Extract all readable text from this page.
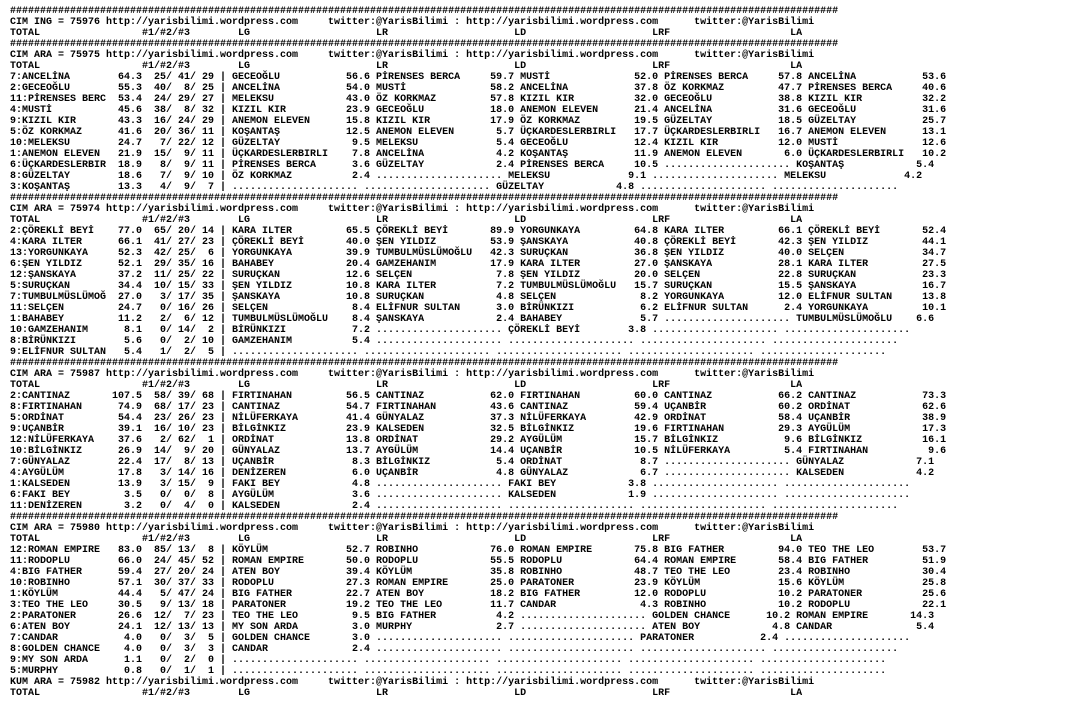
##########################################################################################################################################
CIM ING = 75976 http://yarisbilimi.wordpress.com     twitter:@YarisBilimi : http://yarisbilimi.wordpress.com      twitter:@YarisBilimi
TOTAL                 #1/#2/#3        LG                     LR                     LD                     LRF                    LA
##########################################################################################################################################
CIM ARA = 75975 http://yarisbilimi.wordpress.com     twitter:@YarisBilimi : http://yarisbilimi.wordpress.com      twitter:@YarisBilimi
TOTAL                 #1/#2/#3        LG                     LR                     LD                     LRF                    LA
7:ANCELİNA        64.3  25/ 41/ 29 | GECEOĞLU           56.6 PİRENSES BERCA     59.7 MUSTİ              52.0 PİRENSES BERCA     57.8 ANCELİNA           53.6
2:GECEOĞLU        55.3  40/  8/ 25 | ANCELİNA           54.0 MUSTİ              58.2 ANCELİNA           37.8 ÖZ KORKMAZ         47.7 PİRENSES BERCA     40.6
11:PİRENSES BERC  53.4  24/ 29/ 27 | MELEKSU            43.0 ÖZ KORKMAZ         57.8 KIZIL KIR          32.0 GECEOĞLU           38.8 KIZIL KIR          32.2
4:MUSTİ           45.6  38/  8/ 32 | KIZIL KIR          23.9 GECEOĞLU           18.0 ANEMON ELEVEN      21.4 ANCELİNA           31.6 GECEOĞLU           31.6
9:KIZIL KIR       43.3  16/ 24/ 29 | ANEMON ELEVEN      15.8 KIZIL KIR          17.9 ÖZ KORKMAZ         19.5 GÜZELTAY           18.5 GÜZELTAY           25.7
5:ÖZ KORKMAZ      41.6  20/ 36/ 11 | KOŞANTAŞ           12.5 ANEMON ELEVEN       5.7 ÜÇKARDESLERBIRLI   17.7 ÜÇKARDESLERBIRLI   16.7 ANEMON ELEVEN      13.1
10:MELEKSU        24.7   7/ 22/ 12 | GÜZELTAY            9.5 MELEKSU             5.4 GECEOĞLU           12.4 KIZIL KIR          12.0 MUSTİ              12.6
1:ANEMON ELEVEN   21.9  15/  9/ 11 | ÜÇKARDESLERBIRLI    7.8 ANCELİNA            4.2 KOŞANTAŞ           11.9 ANEMON ELEVEN       6.0 ÜÇKARDESLERBIRLI   10.2
6:ÜÇKARDESLERBIR  18.9   8/  9/ 11 | PİRENSES BERCA      3.6 GÜZELTAY            2.4 PİRENSES BERCA     10.5 ..................... KOŞANTAŞ            5.4
8:GÜZELTAY        18.6   7/  9/ 10 | ÖZ KORKMAZ          2.4 ..................... MELEKSU             9.1 ..................... MELEKSU             4.2
3:KOŞANTAŞ        13.3   4/  9/  7 | ..................... ..................... GÜZELTAY            4.8 ..................... .....................
##########################################################################################################################################
CIM ARA = 75974 http://yarisbilimi.wordpress.com     twitter:@YarisBilimi : http://yarisbilimi.wordpress.com      twitter:@YarisBilimi
TOTAL                 #1/#2/#3        LG                     LR                     LD                     LRF                    LA
2:ÇÖREKLİ BEYİ    77.0  65/ 20/ 14 | KARA ILTER         65.5 ÇÖREKLİ BEYİ       89.9 YORGUNKAYA         64.8 KARA ILTER         66.1 ÇÖREKLİ BEYİ       52.4
4:KARA ILTER      66.1  41/ 27/ 23 | ÇÖREKLİ BEYİ       40.0 ŞEN YILDIZ         53.9 ŞANSKAYA           40.8 ÇÖREKLİ BEYİ       42.3 ŞEN YILDIZ         44.1
13:YORGUNKAYA     52.3  42/ 25/  6 | YORGUNKAYA         39.9 TUMBULMÜSLÜMOĞLU   42.3 SURUÇKAN           36.8 ŞEN YILDIZ         40.0 SELÇEN             34.7
6:ŞEN YILDIZ      52.1  29/ 35/ 16 | BAHABEY            20.4 GAMZEHANIM         17.9 KARA ILTER         27.0 ŞANSKAYA           28.1 KARA ILTER         27.5
12:ŞANSKAYA       37.2  11/ 25/ 22 | SURUÇKAN           12.6 SELÇEN              7.8 ŞEN YILDIZ         20.0 SELÇEN             22.8 SURUÇKAN           23.3
5:SURUÇKAN        34.4  10/ 15/ 33 | ŞEN YILDIZ         10.8 KARA ILTER          7.2 TUMBULMÜSLÜMOĞLU   15.7 SURUÇKAN           15.5 ŞANSKAYA           16.7
7:TUMBULMÜSLÜMOĞ  27.0   3/ 17/ 35 | ŞANSKAYA           10.8 SURUÇKAN            4.8 SELÇEN              8.2 YORGUNKAYA         12.0 ELİFNUR SULTAN     13.8
11:SELÇEN         24.7   0/ 16/ 26 | SELÇEN              8.4 ELİFNUR SULTAN      3.0 BİRÜNKIZI           6.2 ELİFNUR SULTAN      2.4 YORGUNKAYA         10.1
1:BAHABEY         11.2   2/  6/ 12 | TUMBULMÜSLÜMOĞLU    8.4 ŞANSKAYA            2.4 BAHABEY             5.7 ..................... TUMBULMÜSLÜMOĞLU    6.6
10:GAMZEHANIM      8.1   0/ 14/  2 | BİRÜNKIZI           7.2 ..................... ÇÖREKLİ BEYİ        3.8 ..................... .....................
8:BİRÜNKIZI        5.6   0/  2/ 10 | GAMZEHANIM          5.4 ..................... ..................... ..................... .....................
9:ELİFNUR SULTAN   5.4   1/  2/  5 | ..................... ..................... ..................... ..................... .....................
##########################################################################################################################################
CIM ARA = 75987 http://yarisbilimi.wordpress.com     twitter:@YarisBilimi : http://yarisbilimi.wordpress.com      twitter:@YarisBilimi
TOTAL                 #1/#2/#3        LG                     LR                     LD                     LRF                    LA
2:CANTINAZ       107.5  58/ 39/ 68 | FIRTINAHAN         56.5 CANTINAZ           62.0 FIRTINAHAN         60.0 CANTINAZ           66.2 CANTINAZ           73.3
8:FIRTINAHAN      74.9  68/ 17/ 23 | CANTINAZ           54.7 FIRTINAHAN         43.6 CANTINAZ           59.4 UÇANBİR            60.2 ORDİNAT            62.6
5:ORDİNAT         54.4  23/ 26/ 23 | NİLÜFERKAYA        41.4 GÜNYALAZ           37.3 NİLÜFERKAYA        42.9 ORDİNAT            58.4 UÇANBİR            38.9
9:UÇANBİR         39.1  16/ 10/ 23 | BİLGİNKIZ          23.9 KALSEDEN           32.5 BİLGİNKIZ          19.6 FIRTINAHAN         29.3 AYGÜLÜM            17.3
12:NİLÜFERKAYA    37.6   2/ 62/  1 | ORDİNAT            13.8 ORDİNAT            29.2 AYGÜLÜM            15.7 BİLGİNKIZ           9.6 BİLGİNKIZ          16.1
10:BİLGİNKIZ      26.9  14/  9/ 20 | GÜNYALAZ           13.7 AYGÜLÜM            14.4 UÇANBİR            10.5 NİLÜFERKAYA         5.4 FIRTINAHAN          9.6
7:GÜNYALAZ        22.4  17/  8/ 13 | UÇANBİR             8.3 BİLGİNKIZ           5.4 ORDİNAT             8.7 ..................... GÜNYALAZ            7.1
4:AYGÜLÜM         17.8   3/ 14/ 16 | DENİZEREN           6.0 UÇANBİR             4.8 GÜNYALAZ            6.7 ..................... KALSEDEN            4.2
1:KALSEDEN        13.9   3/ 15/  9 | FAKI BEY            4.8 ..................... FAKI BEY            3.8 ..................... .....................
6:FAKI BEY         3.5   0/  0/  8 | AYGÜLÜM             3.6 ..................... KALSEDEN            1.9 ..................... .....................
11:DENİZEREN       3.2   0/  4/  0 | KALSEDEN            2.4 ..................... ..................... ..................... .....................
##########################################################################################################################################
CIM ARA = 75980 http://yarisbilimi.wordpress.com     twitter:@YarisBilimi : http://yarisbilimi.wordpress.com      twitter:@YarisBilimi
TOTAL                 #1/#2/#3        LG                     LR                     LD                     LRF                    LA
12:ROMAN EMPIRE   83.0  85/ 13/  8 | KÖYLÜM             52.7 ROBINHO            76.0 ROMAN EMPIRE       75.8 BIG FATHER         94.0 TEO THE LEO        53.7
11:RODOPLU        66.0  24/ 45/ 52 | ROMAN EMPIRE       50.0 RODOPLU            55.5 RODOPLU            64.4 ROMAN EMPIRE       58.4 BIG FATHER         51.9
4:BIG FATHER      59.4  27/ 20/ 24 | ATEN BOY           39.4 KÖYLÜM             35.8 ROBINHO            48.7 TEO THE LEO        23.4 ROBINHO            30.4
10:ROBINHO        57.1  30/ 37/ 33 | RODOPLU            27.3 ROMAN EMPIRE       25.0 PARATONER          23.9 KÖYLÜM             15.6 KÖYLÜM             25.8
1:KÖYLÜM          44.4   5/ 47/ 24 | BIG FATHER         22.7 ATEN BOY           18.2 BIG FATHER         12.0 RODOPLU            10.2 PARATONER          25.6
3:TEO THE LEO     30.5   9/ 13/ 18 | PARATONER          19.2 TEO THE LEO        11.7 CANDAR              4.3 ROBINHO            10.2 RODOPLU            22.1
2:PARATONER       26.6  12/  7/ 23 | TEO THE LEO         9.5 BIG FATHER          4.2 ..................... GOLDEN CHANCE      10.2 ROMAN EMPIRE       14.3
6:ATEN BOY        24.1  12/ 13/ 13 | MY SON ARDA         3.0 MURPHY              2.7 ..................... ATEN BOY            4.8 CANDAR              5.4
7:CANDAR           4.0   0/  3/  5 | GOLDEN CHANCE       3.0 ..................... ..................... PARATONER           2.4 .....................
8:GOLDEN CHANCE    4.0   0/  3/  3 | CANDAR              2.4 ..................... ..................... ..................... .....................
9:MY SON ARDA      1.1   0/  2/  0 | ..................... ..................... ..................... ..................... .....................
5:MURPHY           0.8   0/  1/  1 | ..................... ..................... ..................... ..................... .....................
KUM ARA = 75982 http://yarisbilimi.wordpress.com     twitter:@YarisBilimi : http://yarisbilimi.wordpress.com      twitter:@YarisBilimi
TOTAL                 #1/#2/#3        LG                     LR                     LD                     LRF                    LA
